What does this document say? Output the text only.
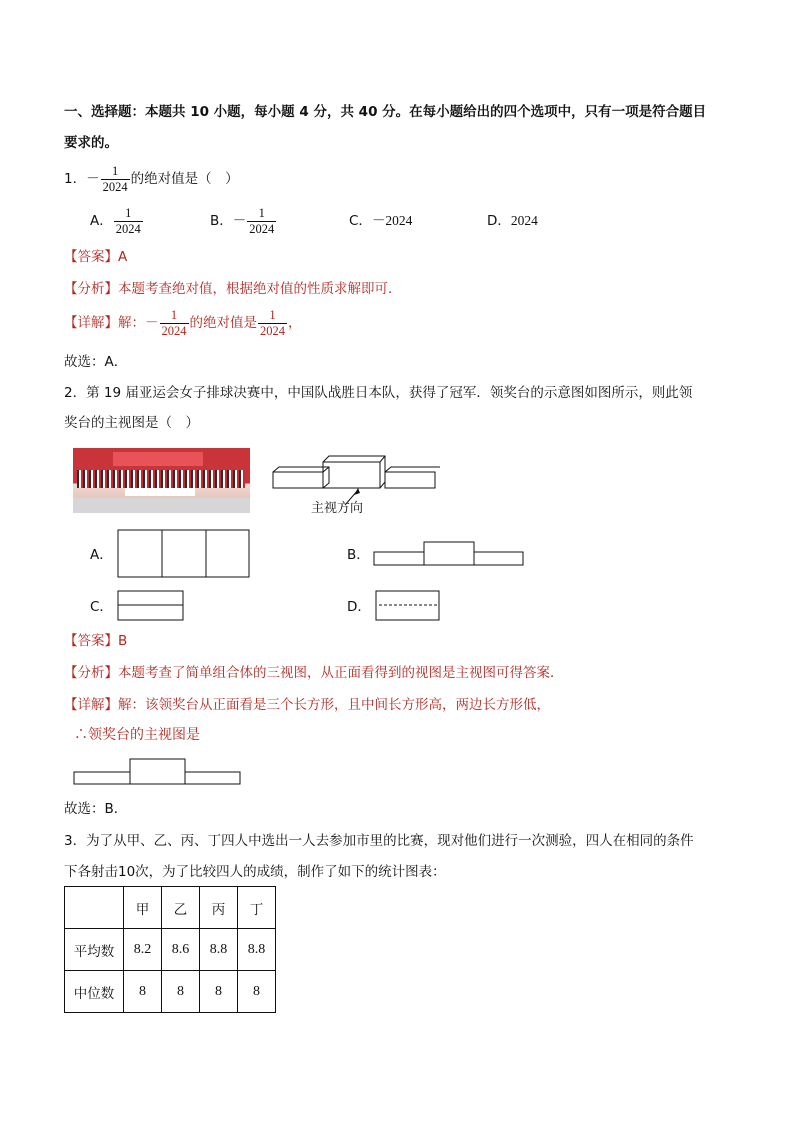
一、选择题：本题共 10 小题，每小题 4 分，共 40 分。在每小题给出的四个选项中，只有一项是符合题目
要求的。
1．－ $\frac{1}{2024}$ 的绝对值是（　）
A． $\frac{1}{2024}$	B．－ $\frac{1}{2024}$	C．－2024	D．2024
【答案】A
【分析】本题考查绝对值，根据绝对值的性质求解即可．
【详解】解：－ $\frac{1}{2024}$ 的绝对值是 $\frac{1}{2024}$ ，
故选：A．
2．第 19 届亚运会女子排球决赛中，中国队战胜日本队，获得了冠军．领奖台的示意图如图所示，则此领
奖台的主视图是（　）
主视方向
A．	B．
C．	D．
【答案】B
【分析】本题考查了简单组合体的三视图，从正面看得到的视图是主视图可得答案．
【详解】解：该领奖台从正面看是三个长方形，且中间长方形高，两边长方形低，
∴领奖台的主视图是
故选：B．
3．为了从甲、乙、丙、丁四人中选出一人去参加市里的比赛，现对他们进行一次测验，四人在相同的条件
下各射击10次，为了比较四人的成绩，制作了如下的统计图表：
	甲	乙	丙	丁
平均数	8.2	8.6	8.8	8.8
中位数	8	8	8	8
